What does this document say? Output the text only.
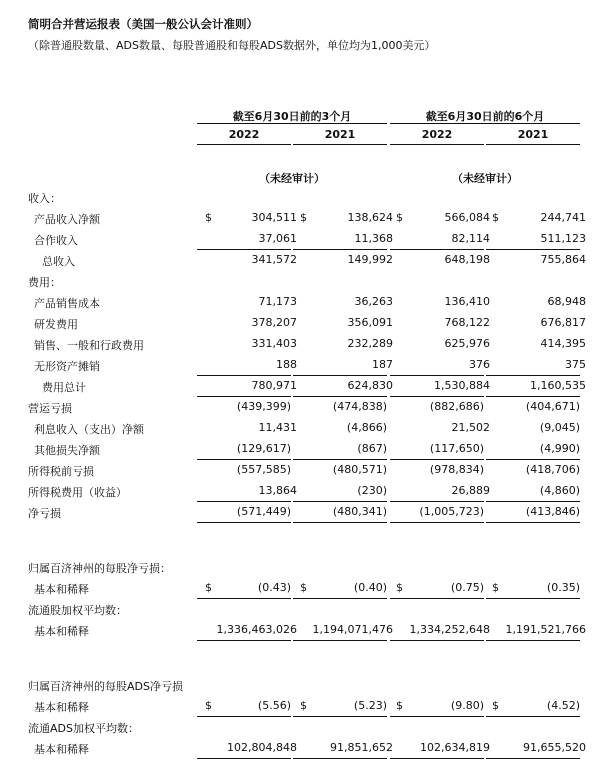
简明合并营运报表（美国一般公认会计准则）
（除普通股数量、ADS数量、每股普通股和每股ADS数据外，单位均为1,000美元）
截至6月30日前的3个月	截至6月30日前的6个月
2022	2021	2022	2021
（未经审计）	（未经审计）
收入：
产品收入净额	$	304,511 $	138,624 $	566,084 $	244,741
合作收入	37,061	11,368	82,114	511,123
总收入	341,572	149,992	648,198	755,864
费用：
产品销售成本	71,173	36,263	136,410	68,948
研发费用	378,207	356,091	768,122	676,817
销售、一般和行政费用	331,403	232,289	625,976	414,395
无形资产摊销	188	187	376	375
费用总计	780,971	624,830	1,530,884	1,160,535
营运亏损	(439,399)	(474,838)	(882,686)	(404,671)
利息收入（支出）净额	11,431	(4,866)	21,502	(9,045)
其他损失净额	(129,617)	(867)	(117,650)	(4,990)
所得税前亏损	(557,585)	(480,571)	(978,834)	(418,706)
所得税费用（收益）	13,864	(230)	26,889	(4,860)
净亏损	(571,449)	(480,341)	(1,005,723)	(413,846)
归属百济神州的每股净亏损：
基本和稀释	$	(0.43) $	(0.40) $	(0.75) $	(0.35)
流通股加权平均数：
基本和稀释	1,336,463,026 1,194,071,476 1,334,252,648 1,191,521,766
归属百济神州的每股ADS净亏损
基本和稀释	$	(5.56) $	(5.23) $	(9.80) $	(4.52)
流通ADS加权平均数：
基本和稀释	102,804,848	91,851,652 102,634,819	91,655,520
